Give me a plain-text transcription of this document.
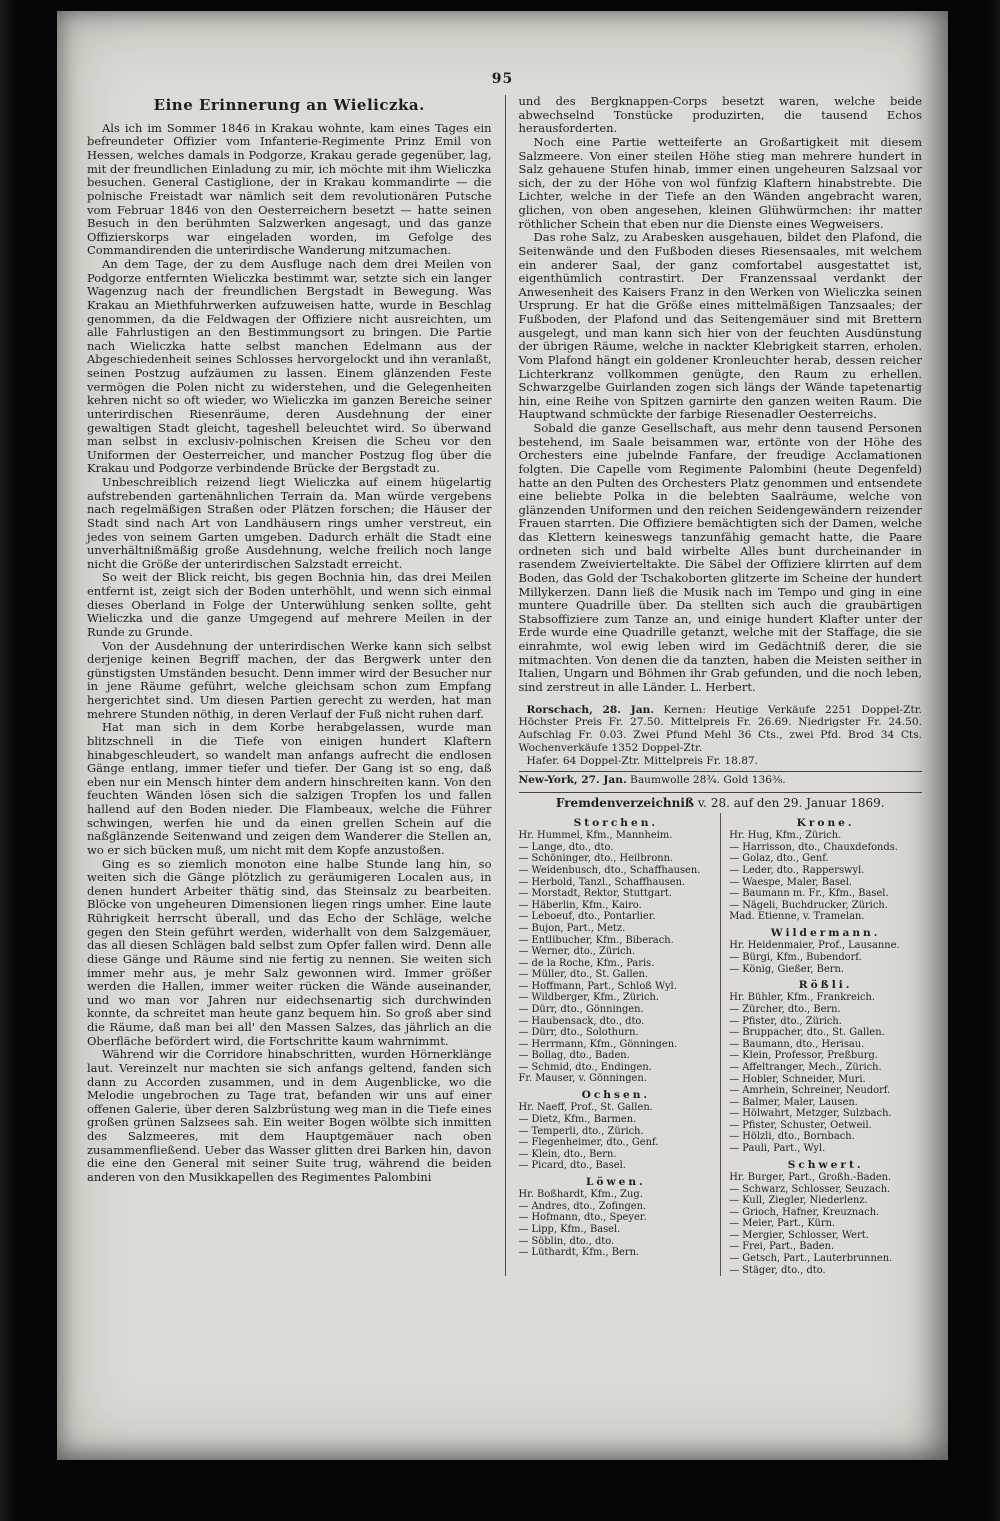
95
Eine Erinnerung an Wieliczka.

Als ich im Sommer 1846 in Krakau wohnte, kam eines Tages ein befreundeter Offizier vom Infanterie-Regimente Prinz Emil von Hessen, welches damals in Podgorze, Krakau gerade gegenüber, lag, mit der freundlichen Einladung zu mir, ich möchte mit ihm Wieliczka besuchen. General Castiglione, der in Krakau kommandirte — die polnische Freistadt war nämlich seit dem revolutionären Putsche vom Februar 1846 von den Oesterreichern besetzt — hatte seinen Besuch in den berühmten Salzwerken angesagt, und das ganze Offizierskorps war eingeladen worden, im Gefolge des Commandirenden die unterirdische Wanderung mitzumachen.

An dem Tage, der zu dem Ausfluge nach dem drei Meilen von Podgorze entfernten Wieliczka bestimmt war, setzte sich ein langer Wagenzug nach der freundlichen Bergstadt in Bewegung. Was Krakau an Miethfuhrwerken aufzuweisen hatte, wurde in Beschlag genommen, da die Feldwagen der Offiziere nicht ausreichten, um alle Fahrlustigen an den Bestimmungsort zu bringen. Die Partie nach Wieliczka hatte selbst manchen Edelmann aus der Abgeschiedenheit seines Schlosses hervorgelockt und ihn veranlaßt, seinen Postzug aufzäumen zu lassen. Einem glänzenden Feste vermögen die Polen nicht zu widerstehen, und die Gelegenheiten kehren nicht so oft wieder, wo Wieliczka im ganzen Bereiche seiner unterirdischen Riesenräume, deren Ausdehnung der einer gewaltigen Stadt gleicht, tageshell beleuchtet wird. So überwand man selbst in exclusiv-polnischen Kreisen die Scheu vor den Uniformen der Oesterreicher, und mancher Postzug flog über die Krakau und Podgorze verbindende Brücke der Bergstadt zu.

Unbeschreiblich reizend liegt Wieliczka auf einem hügelartig aufstrebenden gartenähnlichen Terrain da. Man würde vergebens nach regelmäßigen Straßen oder Plätzen forschen; die Häuser der Stadt sind nach Art von Landhäusern rings umher verstreut, ein jedes von seinem Garten umgeben. Dadurch erhält die Stadt eine unverhältnißmäßig große Ausdehnung, welche freilich noch lange nicht die Größe der unterirdischen Salzstadt erreicht.

So weit der Blick reicht, bis gegen Bochnia hin, das drei Meilen entfernt ist, zeigt sich der Boden unterhöhlt, und wenn sich einmal dieses Oberland in Folge der Unterwühlung senken sollte, geht Wieliczka und die ganze Umgegend auf mehrere Meilen in der Runde zu Grunde.

Von der Ausdehnung der unterirdischen Werke kann sich selbst derjenige keinen Begriff machen, der das Bergwerk unter den günstigsten Umständen besucht. Denn immer wird der Besucher nur in jene Räume geführt, welche gleichsam schon zum Empfang hergerichtet sind. Um diesen Partien gerecht zu werden, hat man mehrere Stunden nöthig, in deren Verlauf der Fuß nicht ruhen darf.

Hat man sich in dem Korbe herabgelassen, wurde man blitzschnell in die Tiefe von einigen hundert Klaftern hinabgeschleudert, so wandelt man anfangs aufrecht die endlosen Gänge entlang, immer tiefer und tiefer. Der Gang ist so eng, daß eben nur ein Mensch hinter dem andern hinschreiten kann. Von den feuchten Wänden lösen sich die salzigen Tropfen los und fallen hallend auf den Boden nieder. Die Flambeaux, welche die Führer schwingen, werfen hie und da einen grellen Schein auf die naßglänzende Seitenwand und zeigen dem Wanderer die Stellen an, wo er sich bücken muß, um nicht mit dem Kopfe anzustoßen.

Ging es so ziemlich monoton eine halbe Stunde lang hin, so weiten sich die Gänge plötzlich zu geräumigeren Localen aus, in denen hundert Arbeiter thätig sind, das Steinsalz zu bearbeiten. Blöcke von ungeheuren Dimensionen liegen rings umher. Eine laute Rührigkeit herrscht überall, und das Echo der Schläge, welche gegen den Stein geführt werden, widerhallt von dem Salzgemäuer, das all diesen Schlägen bald selbst zum Opfer fallen wird. Denn alle diese Gänge und Räume sind nie fertig zu nennen. Sie weiten sich immer mehr aus, je mehr Salz gewonnen wird. Immer größer werden die Hallen, immer weiter rücken die Wände auseinander, und wo man vor Jahren nur eidechsenartig sich durchwinden konnte, da schreitet man heute ganz bequem hin. So groß aber sind die Räume, daß man bei all' den Massen Salzes, das jährlich an die Oberfläche befördert wird, die Fortschritte kaum wahrnimmt.

Während wir die Corridore hinabschritten, wurden Hörnerklänge laut. Vereinzelt nur machten sie sich anfangs geltend, fanden sich dann zu Accorden zusammen, und in dem Augenblicke, wo die Melodie ungebrochen zu Tage trat, befanden wir uns auf einer offenen Galerie, über deren Salzbrüstung weg man in die Tiefe eines großen grünen Salzsees sah. Ein weiter Bogen wölbte sich inmitten des Salzmeeres, mit dem Hauptgemäuer nach oben zusammenfließend. Ueber das Wasser glitten drei Barken hin, davon die eine den General mit seiner Suite trug, während die beiden anderen von den Musikkapellen des Regimentes Palombini

und des Bergknappen-Corps besetzt waren, welche beide abwechselnd Tonstücke produzirten, die tausend Echos herausforderten.

Noch eine Partie wetteiferte an Großartigkeit mit diesem Salzmeere. Von einer steilen Höhe stieg man mehrere hundert in Salz gehauene Stufen hinab, immer einen ungeheuren Salzsaal vor sich, der zu der Höhe von wol fünfzig Klaftern hinabstrebte. Die Lichter, welche in der Tiefe an den Wänden angebracht waren, glichen, von oben angesehen, kleinen Glühwürmchen: ihr matter röthlicher Schein that eben nur die Dienste eines Wegweisers.

Das rohe Salz, zu Arabesken ausgehauen, bildet den Plafond, die Seitenwände und den Fußboden dieses Riesensaales, mit welchem ein anderer Saal, der ganz comfortabel ausgestattet ist, eigenthümlich contrastirt. Der Franzenssaal verdankt der Anwesenheit des Kaisers Franz in den Werken von Wieliczka seinen Ursprung. Er hat die Größe eines mittelmäßigen Tanzsaales; der Fußboden, der Plafond und das Seitengemäuer sind mit Brettern ausgelegt, und man kann sich hier von der feuchten Ausdünstung der übrigen Räume, welche in nackter Klebrigkeit starren, erholen. Vom Plafond hängt ein goldener Kronleuchter herab, dessen reicher Lichterkranz vollkommen genügte, den Raum zu erhellen. Schwarzgelbe Guirlanden zogen sich längs der Wände tapetenartig hin, eine Reihe von Spitzen garnirte den ganzen weiten Raum. Die Hauptwand schmückte der farbige Riesenadler Oesterreichs.

Sobald die ganze Gesellschaft, aus mehr denn tausend Personen bestehend, im Saale beisammen war, ertönte von der Höhe des Orchesters eine jubelnde Fanfare, der freudige Acclamationen folgten. Die Capelle vom Regimente Palombini (heute Degenfeld) hatte an den Pulten des Orchesters Platz genommen und entsendete eine beliebte Polka in die belebten Saalräume, welche von glänzenden Uniformen und den reichen Seidengewändern reizender Frauen starrten. Die Offiziere bemächtigten sich der Damen, welche das Klettern keineswegs tanzunfähig gemacht hatte, die Paare ordneten sich und bald wirbelte Alles bunt durcheinander in rasendem Zweivierteltakte. Die Säbel der Offiziere klirrten auf dem Boden, das Gold der Tschakoborten glitzerte im Scheine der hundert Millykerzen. Dann ließ die Musik nach im Tempo und ging in eine muntere Quadrille über. Da stellten sich auch die graubärtigen Stabsoffiziere zum Tanze an, und einige hundert Klafter unter der Erde wurde eine Quadrille getanzt, welche mit der Staffage, die sie einrahmte, wol ewig leben wird im Gedächtniß derer, die sie mitmachten. Von denen die da tanzten, haben die Meisten seither in Italien, Ungarn und Böhmen ihr Grab gefunden, und die noch leben, sind zerstreut in alle Länder. L. Herbert.

Rorschach, 28. Jan. Kernen: Heutige Verkäufe 2251 Doppel-Ztr. Höchster Preis Fr. 27.50. Mittelpreis Fr. 26.69. Niedrigster Fr. 24.50. Aufschlag Fr. 0.03. Zwei Pfund Mehl 36 Cts., zwei Pfd. Brod 34 Cts. Wochenverkäufe 1352 Doppel-Ztr.

Hafer. 64 Doppel-Ztr. Mittelpreis Fr. 18.87.

New-York, 27. Jan. Baumwolle 28¾. Gold 136⅜.

Fremdenverzeichniß v. 28. auf den 29. Januar 1869.
Storchen.
Hr. Hummel, Kfm., Mannheim.
— Lange, dto., dto.
— Schöninger, dto., Heilbronn.
— Weidenbusch, dto., Schaffhausen.
— Herbold, Tanzl., Schaffhausen.
— Morstadt, Rektor, Stuttgart.
— Häberlin, Kfm., Kairo.
— Leboeuf, dto., Pontarlier.
— Bujon, Part., Metz.
— Entlibucher, Kfm., Biberach.
— Werner, dto., Zürich.
— de la Roche, Kfm., Paris.
— Müller, dto., St. Gallen.
— Hoffmann, Part., Schloß Wyl.
— Wildberger, Kfm., Zürich.
— Dürr, dto., Gönningen.
— Haubensack, dto., dto.
— Dürr, dto., Solothurn.
— Herrmann, Kfm., Gönningen.
— Bollag, dto., Baden.
— Schmid, dto., Endingen.
Fr. Mauser, v. Gönningen.
Ochsen.
Hr. Naeff, Prof., St. Gallen.
— Dietz, Kfm., Barmen.
— Temperli, dto., Zürich.
— Flegenheimer, dto., Genf.
— Klein, dto., Bern.
— Picard, dto., Basel.
Löwen.
Hr. Boßhardt, Kfm., Zug.
— Andres, dto., Zofingen.
— Hofmann, dto., Speyer.
— Lipp, Kfm., Basel.
— Söblin, dto., dto.
— Lüthardt, Kfm., Bern.
Krone.
Hr. Hug, Kfm., Zürich.
— Harrisson, dto., Chauxdefonds.
— Golaz, dto., Genf.
— Leder, dto., Rapperswyl.
— Waespe, Maler, Basel.
— Baumann m. Fr., Kfm., Basel.
— Nägeli, Buchdrucker, Zürich.
Mad. Etienne, v. Tramelan.
Wildermann.
Hr. Heidenmaier, Prof., Lausanne.
— Bürgi, Kfm., Bubendorf.
— König, Gießer, Bern.
Rößli.
Hr. Bühler, Kfm., Frankreich.
— Zürcher, dto., Bern.
— Pfister, dto., Zürich.
— Bruppacher, dto., St. Gallen.
— Baumann, dto., Herisau.
— Klein, Professor, Preßburg.
— Affeltranger, Mech., Zürich.
— Hobler, Schneider, Muri.
— Amrhein, Schreiner, Neudorf.
— Balmer, Maler, Lausen.
— Hölwahrt, Metzger, Sulzbach.
— Pfister, Schuster, Oetweil.
— Hölzli, dto., Bornbach.
— Pauli, Part., Wyl.
Schwert.
Hr. Burger, Part., Großh.-Baden.
— Schwarz, Schlosser, Seuzach.
— Kull, Ziegler, Niederlenz.
— Grioch, Hafner, Kreuznach.
— Meier, Part., Kürn.
— Mergier, Schlosser, Wert.
— Frei, Part., Baden.
— Getsch, Part., Lauterbrunnen.
— Stäger, dto., dto.
